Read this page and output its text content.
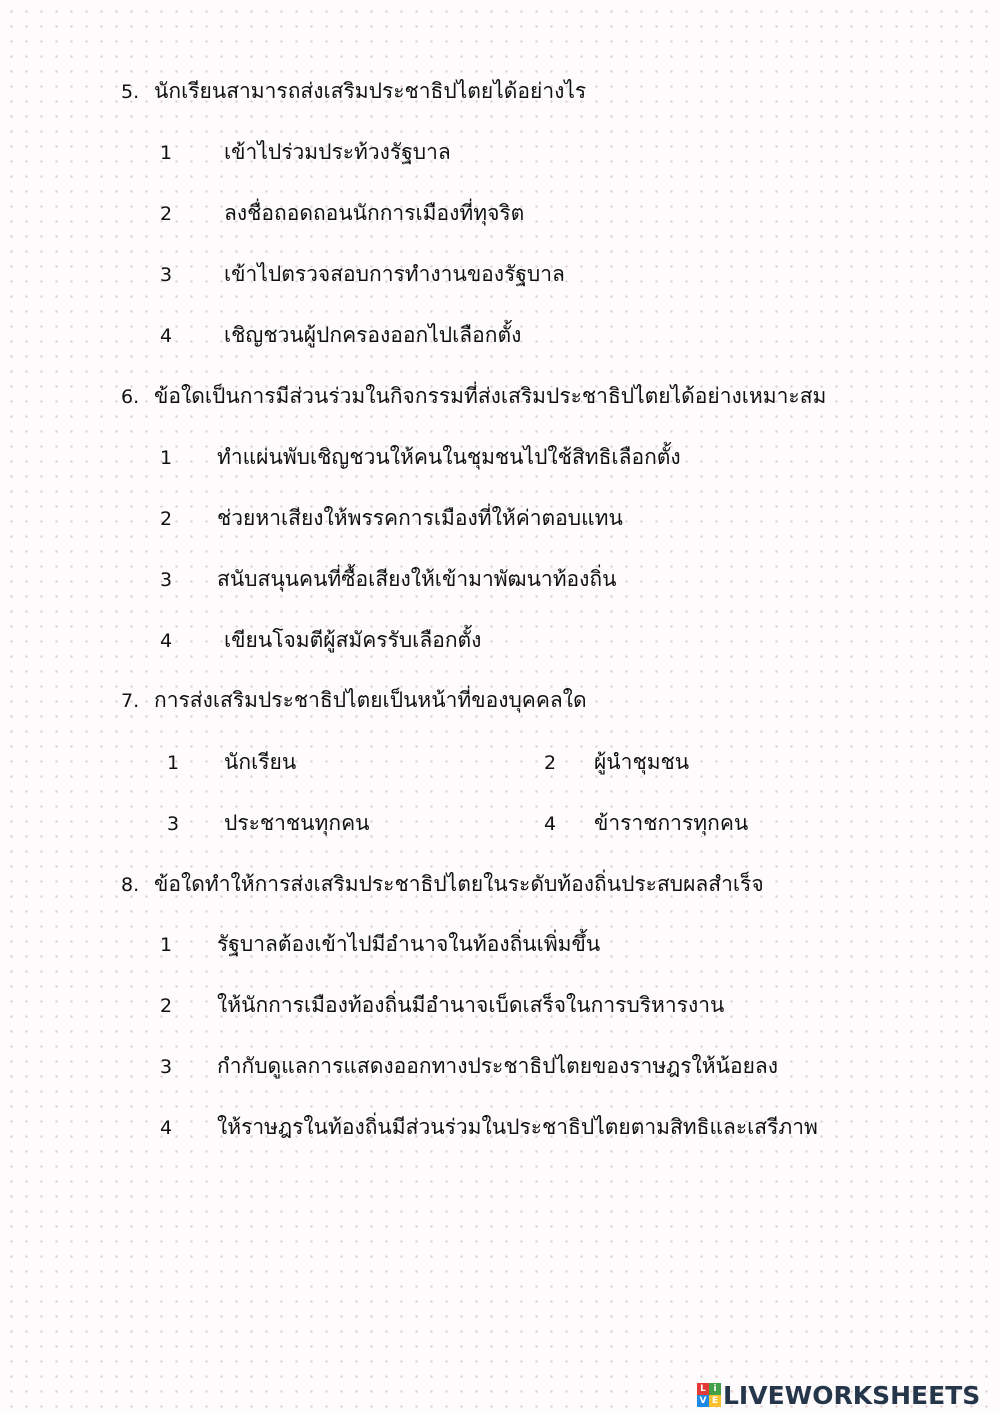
5. นักเรียนสามารถส่งเสริมประชาธิปไตยได้อย่างไร
1 เข้าไปร่วมประท้วงรัฐบาล
2 ลงชื่อถอดถอนนักการเมืองที่ทุจริต
3 เข้าไปตรวจสอบการทำงานของรัฐบาล
4 เชิญชวนผู้ปกครองออกไปเลือกตั้ง
6. ข้อใดเป็นการมีส่วนร่วมในกิจกรรมที่ส่งเสริมประชาธิปไตยได้อย่างเหมาะสม
1 ทำแผ่นพับเชิญชวนให้คนในชุมชนไปใช้สิทธิเลือกตั้ง
2 ช่วยหาเสียงให้พรรคการเมืองที่ให้ค่าตอบแทน
3 สนับสนุนคนที่ซื้อเสียงให้เข้ามาพัฒนาท้องถิ่น
4 เขียนโจมตีผู้สมัครรับเลือกตั้ง
7. การส่งเสริมประชาธิปไตยเป็นหน้าที่ของบุคคลใด
1 นักเรียน	2 ผู้นำชุมชน
3 ประชาชนทุกคน	4 ข้าราชการทุกคน
8. ข้อใดทำให้การส่งเสริมประชาธิปไตยในระดับท้องถิ่นประสบผลสำเร็จ
1 รัฐบาลต้องเข้าไปมีอำนาจในท้องถิ่นเพิ่มขึ้น
2 ให้นักการเมืองท้องถิ่นมีอำนาจเบ็ดเสร็จในการบริหารงาน
3 กำกับดูแลการแสดงออกทางประชาธิปไตยของราษฎรให้น้อยลง
4 ให้ราษฎรในท้องถิ่นมีส่วนร่วมในประชาธิปไตยตามสิทธิและเสรีภาพ
L i
V E LIVEWORKSHEETS
